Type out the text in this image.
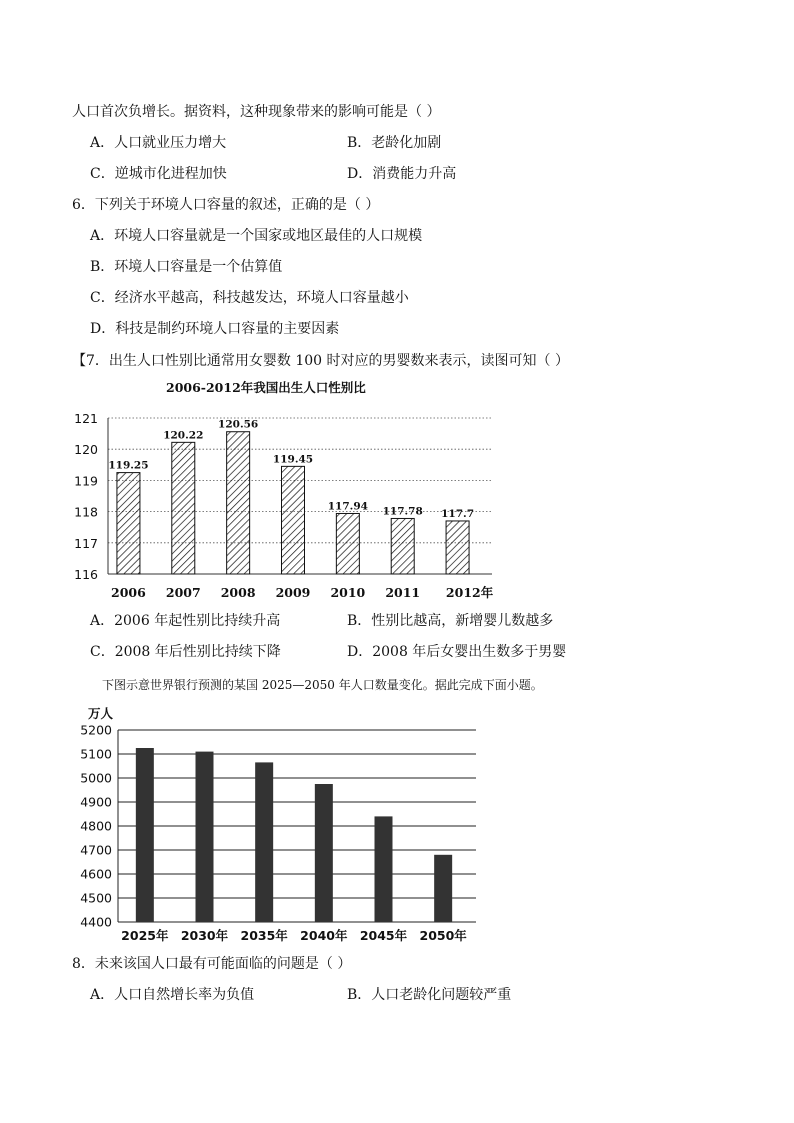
人口首次负增长。据资料，这种现象带来的影响可能是（ ）
A．人口就业压力增大	B．老龄化加剧
C．逆城市化进程加快	D．消费能力升高
6．下列关于环境人口容量的叙述，正确的是（ ）
A．环境人口容量就是一个国家或地区最佳的人口规模
B．环境人口容量是一个估算值
C．经济水平越高，科技越发达，环境人口容量越小
D．科技是制约环境人口容量的主要因素
【7．出生人口性别比通常用女婴数 100 时对应的男婴数来表示，读图可知（ ）
2006-2012年我国出生人口性别比
116
117
118
119
120
121
119.25
2006
120.22
2007
120.56
2008
119.45
2009
117.94
2010
117.78
2011
117.7
2012年
A．2006 年起性别比持续升高	B．性别比越高，新增婴儿数越多
C．2008 年后性别比持续下降	D．2008 年后女婴出生数多于男婴
下图示意世界银行预测的某国 2025—2050 年人口数量变化。据此完成下面小题。
万人
4400
4500
4600
4700
4800
4900
5000
5100
5200
2025年 2030年 2035年 2040年 2045年 2050年
8．未来该国人口最有可能面临的问题是（ ）
A．人口自然增长率为负值	B．人口老龄化问题较严重
